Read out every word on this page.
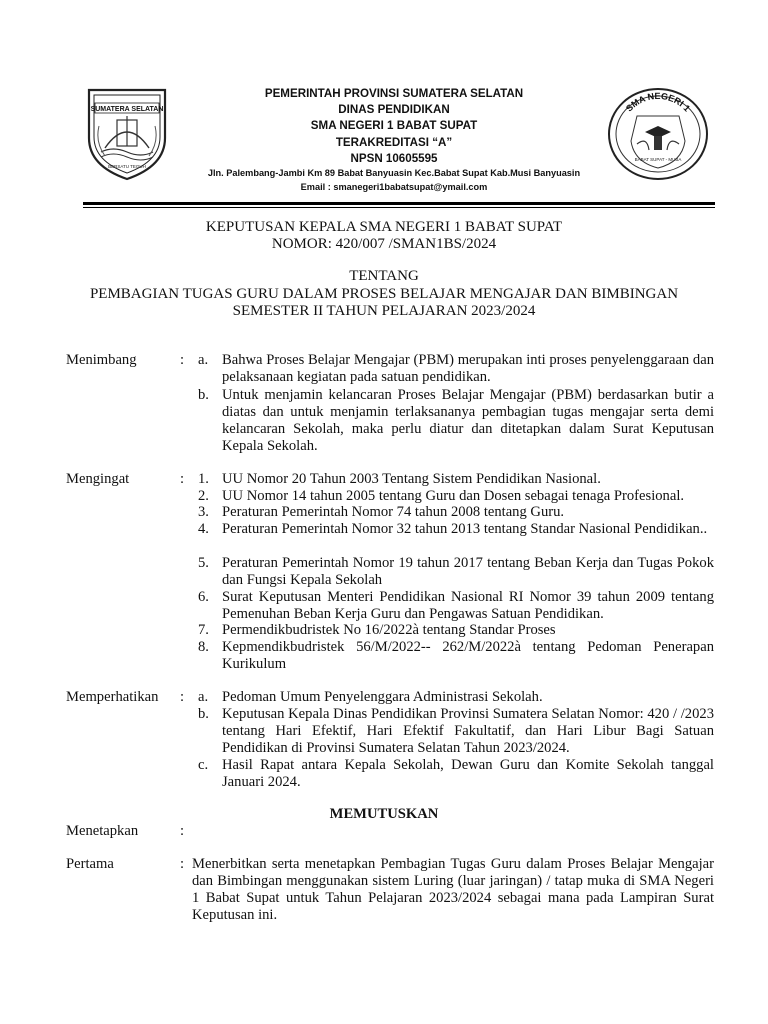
SUMATERA SELATAN
BERSATU TEGUH
PEMERINTAH PROVINSI SUMATERA SELATAN
DINAS PENDIDIKAN
SMA NEGERI 1 BABAT SUPAT
TERAKREDITASI “A”
NPSN 10605595
Jln. Palembang-Jambi Km 89 Babat Banyuasin Kec.Babat Supat Kab.Musi Banyuasin
Email : smanegeri1babatsupat@ymail.com
SMA NEGERI 1
BABAT SUPAT - MUBA
KEPUTUSAN KEPALA SMA NEGERI 1 BABAT SUPAT
NOMOR: 420/007 /SMAN1BS/2024
TENTANG
PEMBAGIAN TUGAS GURU DALAM PROSES BELAJAR MENGAJAR DAN BIMBINGAN
SEMESTER II TAHUN PELAJARAN 2023/2024
Menimbang	: a. Bahwa Proses Belajar Mengajar (PBM) merupakan inti proses penyelenggaraan dan pelaksanaan kegiatan pada satuan pendidikan.
b. Untuk menjamin kelancaran Proses Belajar Mengajar (PBM) berdasarkan butir a diatas dan untuk menjamin terlaksananya pembagian tugas mengajar serta demi kelancaran Sekolah, maka perlu diatur dan ditetapkan dalam Surat Keputusan Kepala Sekolah.
Mengingat	: 1. UU Nomor 20 Tahun 2003 Tentang Sistem Pendidikan Nasional.
2. UU Nomor 14 tahun 2005 tentang Guru dan Dosen sebagai tenaga Profesional.
3. Peraturan Pemerintah Nomor 74 tahun 2008 tentang Guru.
4. Peraturan Pemerintah Nomor 32 tahun 2013 tentang Standar Nasional Pendidikan..
5. Peraturan Pemerintah Nomor 19 tahun 2017 tentang Beban Kerja dan Tugas Pokok dan Fungsi Kepala Sekolah
6. Surat Keputusan Menteri Pendidikan Nasional RI Nomor 39 tahun 2009 tentang Pemenuhan Beban Kerja Guru dan Pengawas Satuan Pendidikan.
7. Permendikbudristek No 16/2022à tentang Standar Proses
8. Kepmendikbudristek 56/M/2022-- 262/M/2022à tentang Pedoman Penerapan Kurikulum
Memperhatikan : a. Pedoman Umum Penyelenggara Administrasi Sekolah.
b. Keputusan Kepala Dinas Pendidikan Provinsi Sumatera Selatan Nomor: 420 / /2023 tentang Hari Efektif, Hari Efektif Fakultatif, dan Hari Libur Bagi Satuan Pendidikan di Provinsi Sumatera Selatan Tahun 2023/2024.
c. Hasil Rapat antara Kepala Sekolah, Dewan Guru dan Komite Sekolah tanggal Januari 2024.
MEMUTUSKAN
Menetapkan	:
Pertama	: Menerbitkan serta menetapkan Pembagian Tugas Guru dalam Proses Belajar Mengajar dan Bimbingan menggunakan sistem Luring (luar jaringan) / tatap muka di SMA Negeri 1 Babat Supat untuk Tahun Pelajaran 2023/2024 sebagai mana pada Lampiran Surat Keputusan ini.
